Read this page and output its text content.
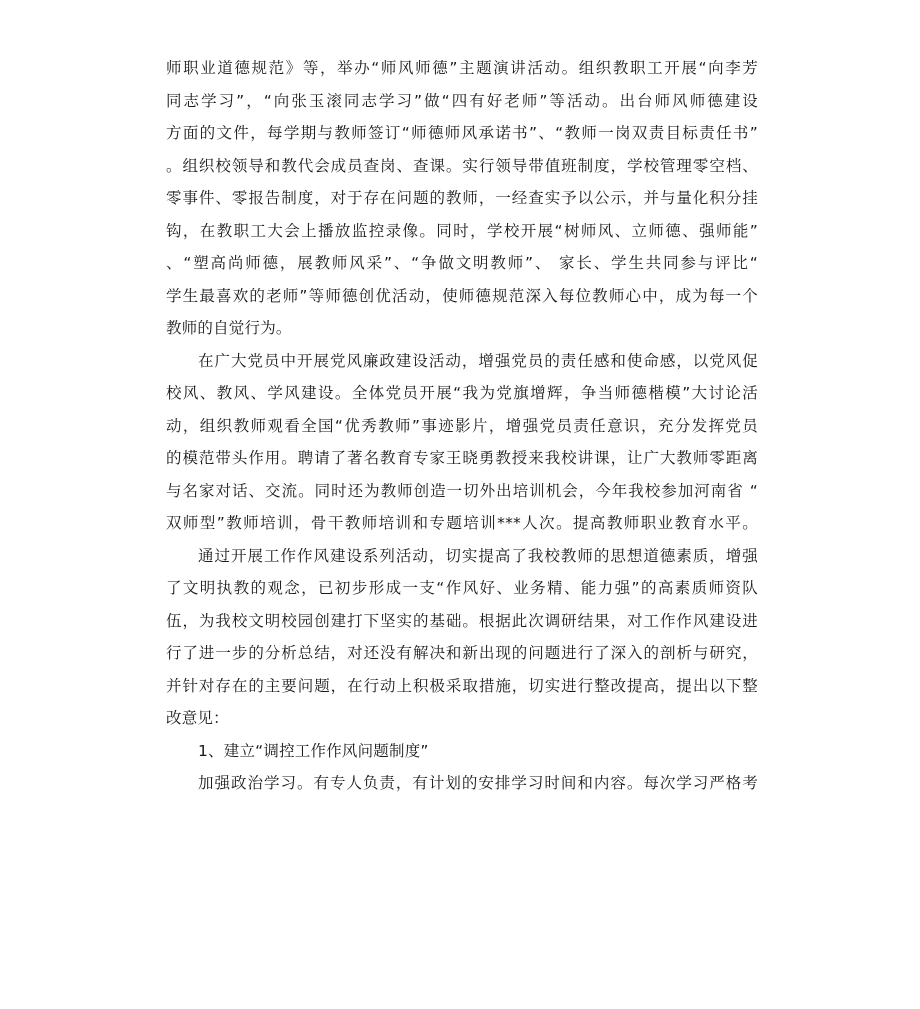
师职业道德规范》等，举办“师风师德”主题演讲活动。组织教职工开展“向李芳
同志学习”，“向张玉滚同志学习”做“四有好老师”等活动。出台师风师德建设
方面的文件，每学期与教师签订“师德师风承诺书”、“教师一岗双责目标责任书”
。组织校领导和教代会成员查岗、查课。实行领导带值班制度，学校管理零空档、
零事件、零报告制度，对于存在问题的教师，一经查实予以公示，并与量化积分挂
钩，在教职工大会上播放监控录像。同时，学校开展“树师风、立师德、强师能”
、“塑高尚师德，展教师风采”、“争做文明教师”、 家长、学生共同参与评比“
学生最喜欢的老师”等师德创优活动，使师德规范深入每位教师心中，成为每一个
教师的自觉行为。
在广大党员中开展党风廉政建设活动，增强党员的责任感和使命感，以党风促
校风、教风、学风建设。全体党员开展“我为党旗增辉，争当师德楷模”大讨论活
动，组织教师观看全国“优秀教师”事迹影片，增强党员责任意识，充分发挥党员
的模范带头作用。聘请了著名教育专家王晓勇教授来我校讲课，让广大教师零距离
与名家对话、交流。同时还为教师创造一切外出培训机会，今年我校参加河南省 “
双师型”教师培训，骨干教师培训和专题培训***人次。提高教师职业教育水平。
通过开展工作作风建设系列活动，切实提高了我校教师的思想道德素质，增强
了文明执教的观念，已初步形成一支“作风好、业务精、能力强”的高素质师资队
伍，为我校文明校园创建打下坚实的基础。根据此次调研结果，对工作作风建设进
行了进一步的分析总结，对还没有解决和新出现的问题进行了深入的剖析与研究，
并针对存在的主要问题，在行动上积极采取措施，切实进行整改提高，提出以下整
改意见：
1、建立“调控工作作风问题制度”
加强政治学习。有专人负责，有计划的安排学习时间和内容。每次学习严格考
